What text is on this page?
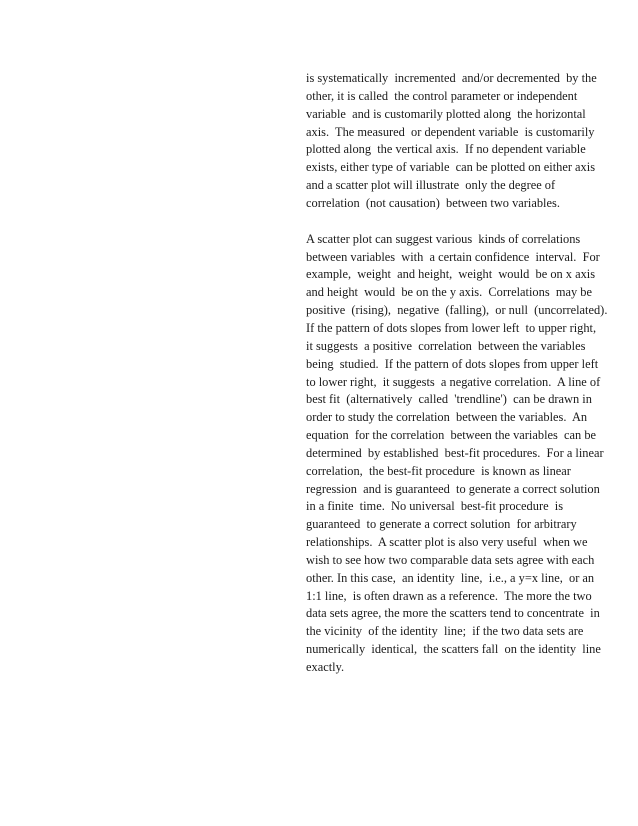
is systematically  incremented  and/or decremented  by the
other, it is called  the control parameter or independent
variable  and is customarily plotted along  the horizontal
axis.  The measured  or dependent variable  is customarily
plotted along  the vertical axis.  If no dependent variable
exists, either type of variable  can be plotted on either axis
and a scatter plot will illustrate  only the degree of
correlation  (not causation)  between two variables.
A scatter plot can suggest various  kinds of correlations
between variables  with  a certain confidence  interval.  For
example,  weight  and height,  weight  would  be on x axis
and height  would  be on the y axis.  Correlations  may be
positive  (rising),  negative  (falling),  or null  (uncorrelated).
If the pattern of dots slopes from lower left  to upper right,
it suggests  a positive  correlation  between the variables
being  studied.  If the pattern of dots slopes from upper left
to lower right,  it suggests  a negative correlation.  A line of
best fit  (alternatively  called  'trendline')  can be drawn in
order to study the correlation  between the variables.  An
equation  for the correlation  between the variables  can be
determined  by established  best-fit procedures.  For a linear
correlation,  the best-fit procedure  is known as linear
regression  and is guaranteed  to generate a correct solution
in a finite  time.  No universal  best-fit procedure  is
guaranteed  to generate a correct solution  for arbitrary
relationships.  A scatter plot is also very useful  when we
wish to see how two comparable data sets agree with each
other. In this case,  an identity  line,  i.e., a y=x line,  or an
1:1 line,  is often drawn as a reference.  The more the two
data sets agree, the more the scatters tend to concentrate  in
the vicinity  of the identity  line;  if the two data sets are
numerically  identical,  the scatters fall  on the identity  line
exactly.
